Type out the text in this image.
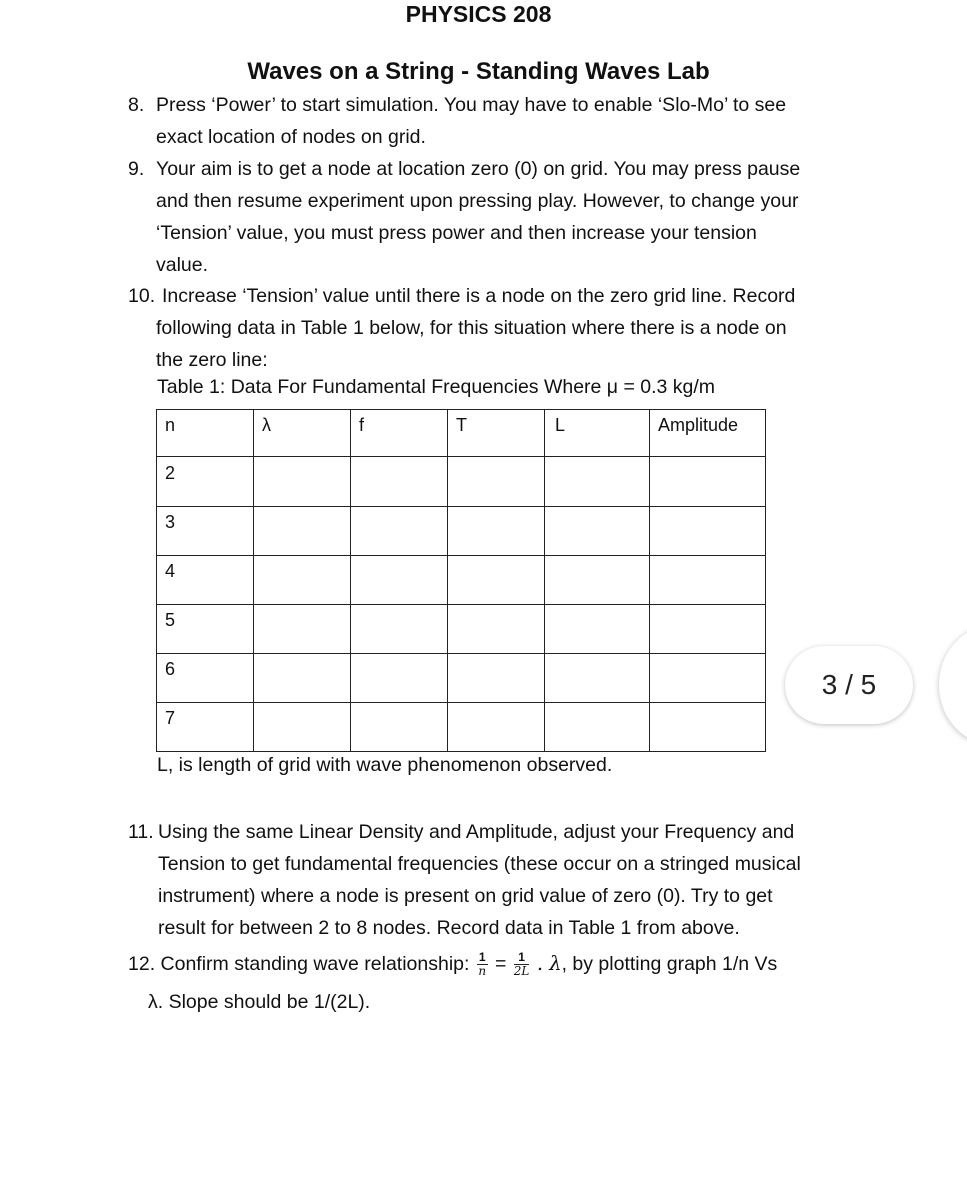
PHYSICS 208
Waves on a String - Standing Waves Lab
8. Press ‘Power’ to start simulation. You may have to enable ‘Slo-Mo’ to see
exact location of nodes on grid.
9. Your aim is to get a node at location zero (0) on grid. You may press pause
and then resume experiment upon pressing play. However, to change your
‘Tension’ value, you must press power and then increase your tension
value.
10. Increase ‘Tension’ value until there is a node on the zero grid line. Record
following data in Table 1 below, for this situation where there is a node on
the zero line:
Table 1: Data For Fundamental Frequencies Where μ = 0.3 kg/m
n	λ	f	T	L	Amplitude
2					
3					
4					
5					
6					
7					
L, is length of grid with wave phenomenon observed.
11. Using the same Linear Density and Amplitude, adjust your Frequency and
Tension to get fundamental frequencies (these occur on a stringed musical
instrument) where a node is present on grid value of zero (0). Try to get
result for between 2 to 8 nodes. Record data in Table 1 from above.
12. Confirm standing wave relationship: $\frac{1}{n} = \frac{1}{2L}$ . λ, by plotting graph 1/n Vs
λ. Slope should be 1/(2L).
3 / 5
